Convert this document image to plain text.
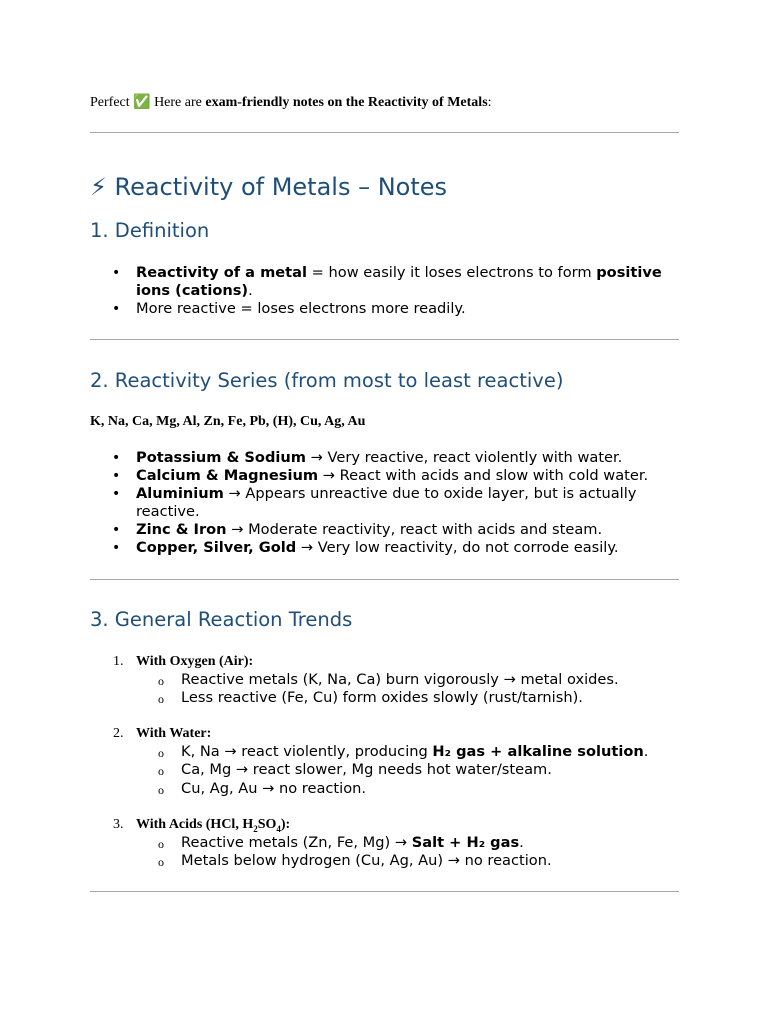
Perfect ✅ Here are exam-friendly notes on the Reactivity of Metals:
⚡ Reactivity of Metals – Notes
1. Definition
• Reactivity of a metal = how easily it loses electrons to form positive ions (cations).
• More reactive = loses electrons more readily.
2. Reactivity Series (from most to least reactive)
K, Na, Ca, Mg, Al, Zn, Fe, Pb, (H), Cu, Ag, Au
• Potassium & Sodium → Very reactive, react violently with water.
• Calcium & Magnesium → React with acids and slow with cold water.
• Aluminium → Appears unreactive due to oxide layer, but is actually reactive.
• Zinc & Iron → Moderate reactivity, react with acids and steam.
• Copper, Silver, Gold → Very low reactivity, do not corrode easily.
3. General Reaction Trends
1. With Oxygen (Air):
o Reactive metals (K, Na, Ca) burn vigorously → metal oxides.
o Less reactive (Fe, Cu) form oxides slowly (rust/tarnish).
2. With Water:
o K, Na → react violently, producing H₂ gas + alkaline solution.
o Ca, Mg → react slower, Mg needs hot water/steam.
o Cu, Ag, Au → no reaction.
3. With Acids (HCl, $H_2SO_4$):
o Reactive metals (Zn, Fe, Mg) → Salt + H₂ gas.
o Metals below hydrogen (Cu, Ag, Au) → no reaction.
